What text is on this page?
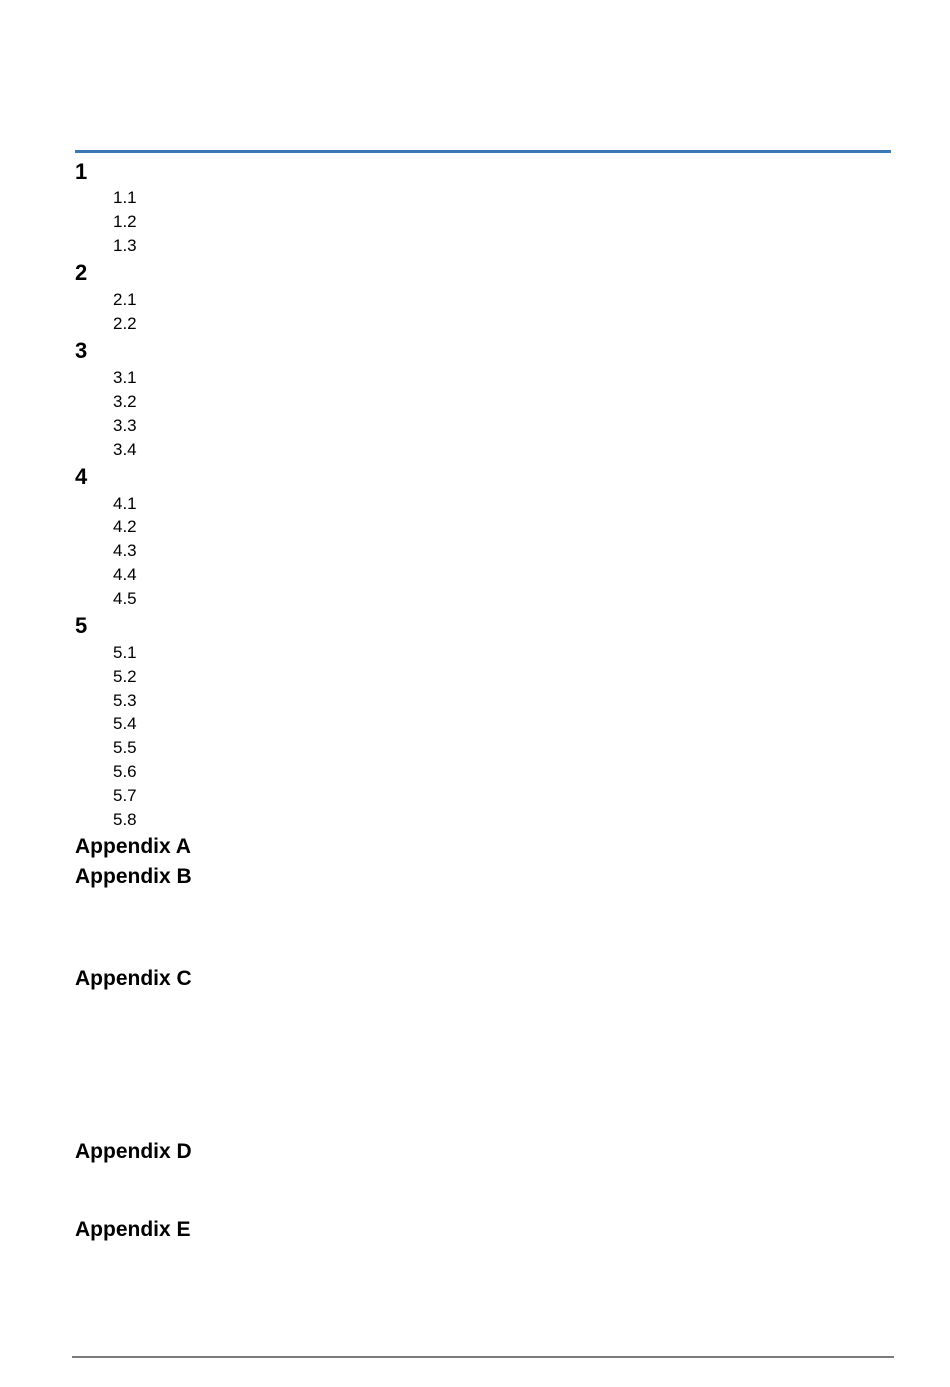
1
1.1
1.2
1.3
2
2.1
2.2
3
3.1
3.2
3.3
3.4
4
4.1
4.2
4.3
4.4
4.5
5
5.1
5.2
5.3
5.4
5.5
5.6
5.7
5.8
Appendix A
Appendix B
Appendix C
Appendix D
Appendix E
